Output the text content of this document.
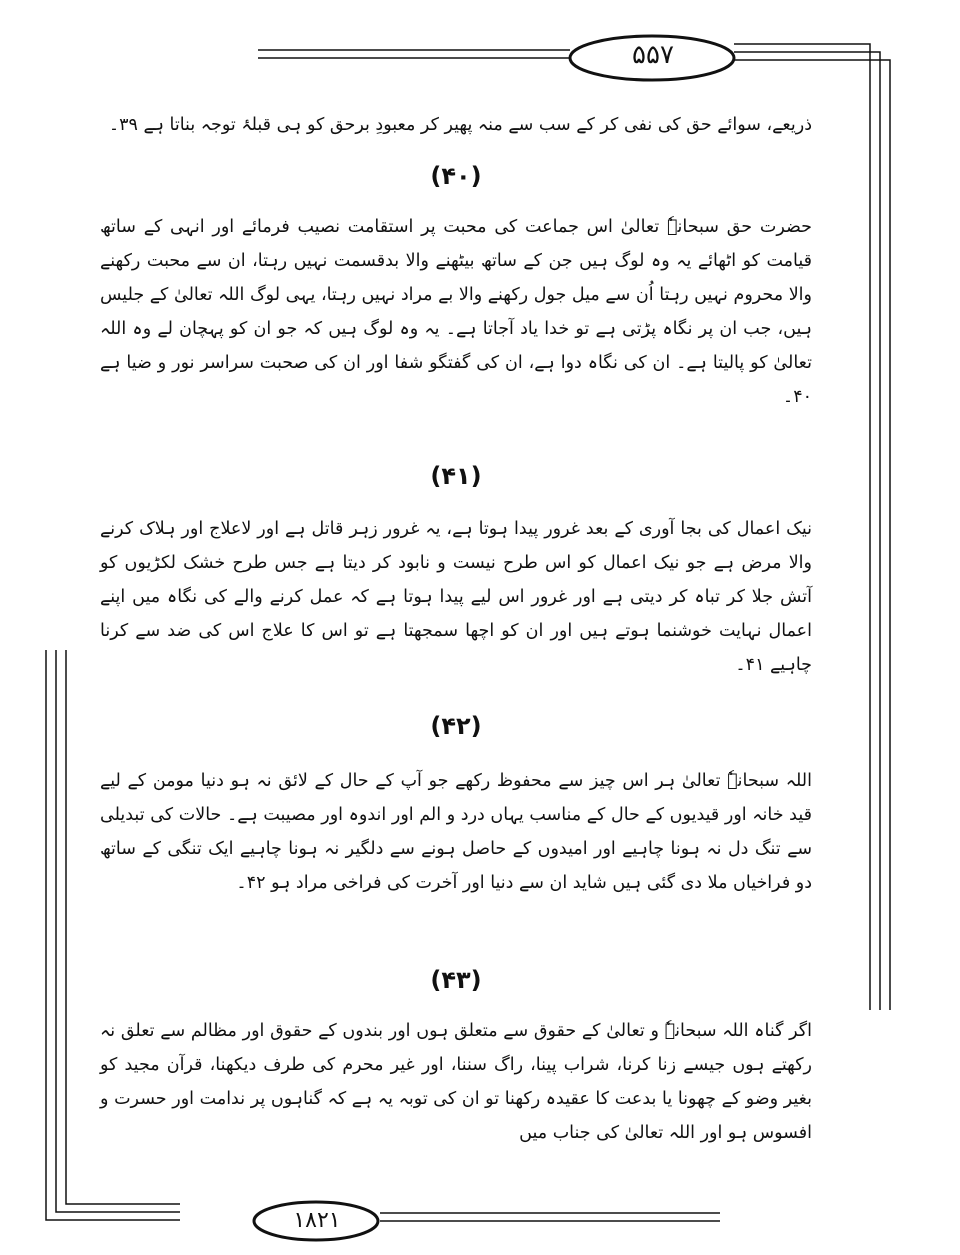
۵۵۷
۱۸۲۱

ذریعے، سوائے حق کی نفی کر کے سب سے منہ پھیر کر معبودِ برحق کو ہی قبلۂ توجہ بناتا ہے ۳۹۔

(۴۰)

حضرت حق سبحانہٗ تعالیٰ اس جماعت کی محبت پر استقامت نصیب فرمائے اور انہی کے ساتھ قیامت کو اٹھائے یہ وہ لوگ ہیں جن کے ساتھ بیٹھنے والا بدقسمت نہیں رہتا، ان سے محبت رکھنے والا محروم نہیں رہتا اُن سے میل جول رکھنے والا بے مراد نہیں رہتا، یہی لوگ اللہ تعالیٰ کے جلیس ہیں، جب ان پر نگاہ پڑتی ہے تو خدا یاد آجاتا ہے۔ یہ وہ لوگ ہیں کہ جو ان کو پہچان لے وہ اللہ تعالیٰ کو پالیتا ہے۔ ان کی نگاہ دوا ہے، ان کی گفتگو شفا اور ان کی صحبت سراسر نور و ضیا ہے ۴۰۔

(۴۱)

نیک اعمال کی بجا آوری کے بعد غرور پیدا ہوتا ہے، یہ غرور زہر قاتل ہے اور لاعلاج اور ہلاک کرنے والا مرض ہے جو نیک اعمال کو اس طرح نیست و نابود کر دیتا ہے جس طرح خشک لکڑیوں کو آتش جلا کر تباہ کر دیتی ہے اور غرور اس لیے پیدا ہوتا ہے کہ عمل کرنے والے کی نگاہ میں اپنے اعمال نہایت خوشنما ہوتے ہیں اور ان کو اچھا سمجھتا ہے تو اس کا علاج اس کی ضد سے کرنا چاہیے ۴۱۔

(۴۲)

اللہ سبحانہٗ تعالیٰ ہر اس چیز سے محفوظ رکھے جو آپ کے حال کے لائق نہ ہو دنیا مومن کے لیے قید خانہ اور قیدیوں کے حال کے مناسب یہاں درد و الم اور اندوہ اور مصیبت ہے۔ حالات کی تبدیلی سے تنگ دل نہ ہونا چاہیے اور امیدوں کے حاصل ہونے سے دلگیر نہ ہونا چاہیے ایک تنگی کے ساتھ دو فراخیاں ملا دی گئی ہیں شاید ان سے دنیا اور آخرت کی فراخی مراد ہو ۴۲۔

(۴۳)

اگر گناہ اللہ سبحانہٗ و تعالیٰ کے حقوق سے متعلق ہوں اور بندوں کے حقوق اور مظالم سے تعلق نہ رکھتے ہوں جیسے زنا کرنا، شراب پینا، راگ سننا، اور غیر محرم کی طرف دیکھنا، قرآن مجید کو بغیر وضو کے چھونا یا بدعت کا عقیدہ رکھنا تو ان کی توبہ یہ ہے کہ گناہوں پر ندامت اور حسرت و افسوس ہو اور اللہ تعالیٰ کی جناب میں
